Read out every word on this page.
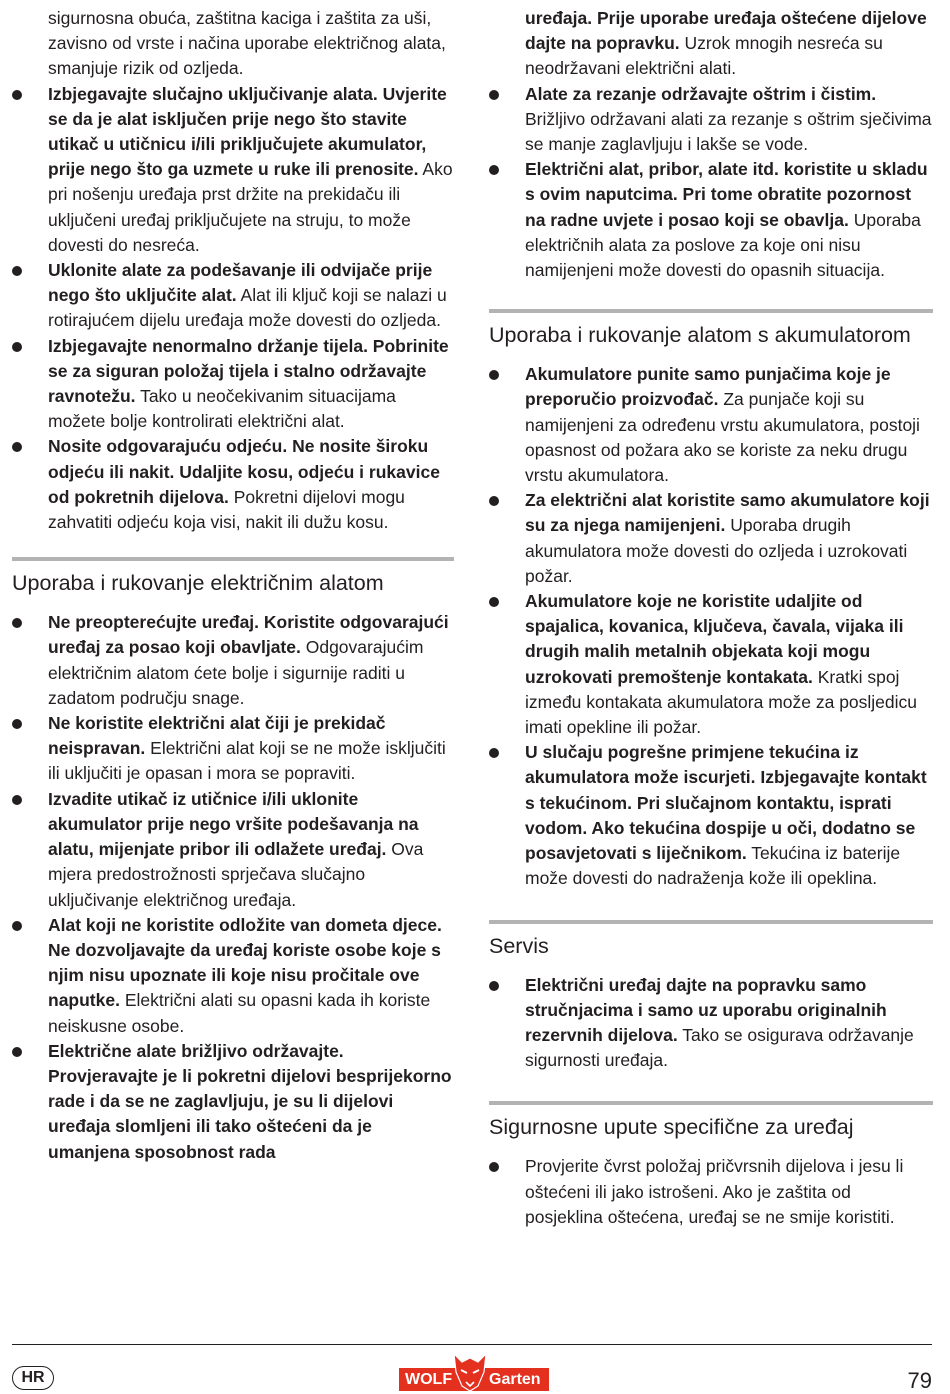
sigurnosna obuća, zaštitna kaciga i zaštita za uši, zavisno od vrste i načina uporabe električnog alata, smanjuje rizik od ozljeda.

Izbjegavajte slučajno uključivanje alata. Uvjerite se da je alat isključen prije nego što stavite utikač u utičnicu i/ili priključujete akumulator, prije nego što ga uzmete u ruke ili prenosite. Ako pri nošenju uređaja prst držite na prekidaču ili uključeni uređaj priključujete na struju, to može dovesti do nesreća.

Uklonite alate za podešavanje ili odvijače prije nego što uključite alat. Alat ili ključ koji se nalazi u rotirajućem dijelu uređaja može dovesti do ozljeda.

Izbjegavajte nenormalno držanje tijela. Pobrinite se za siguran položaj tijela i stalno održavajte ravnotežu. Tako u neočekivanim situacijama možete bolje kontrolirati električni alat.

Nosite odgovarajuću odjeću. Ne nosite široku odjeću ili nakit. Udaljite kosu, odjeću i rukavice od pokretnih dijelova. Pokretni dijelovi mogu zahvatiti odjeću koja visi, nakit ili dužu kosu.

Uporaba i rukovanje električnim alatom

Ne preopterećujte uređaj. Koristite odgovarajući uređaj za posao koji obavljate. Odgovarajućim električnim alatom ćete bolje i sigurnije raditi u zadatom području snage.

Ne koristite električni alat čiji je prekidač neispravan. Električni alat koji se ne može isključiti ili uključiti je opasan i mora se popraviti.

Izvadite utikač iz utičnice i/ili uklonite akumulator prije nego vršite podešavanja na alatu, mijenjate pribor ili odlažete uređaj. Ova mjera predostrožnosti sprječava slučajno uključivanje električnog uređaja.

Alat koji ne koristite odložite van dometa djece. Ne dozvoljavajte da uređaj koriste osobe koje s njim nisu upoznate ili koje nisu pročitale ove naputke. Električni alati su opasni kada ih koriste neiskusne osobe.

Električne alate brižljivo održavajte. Provjeravajte je li pokretni dijelovi besprijekorno rade i da se ne zaglavljuju, je su li dijelovi uređaja slomljeni ili tako oštećeni da je umanjena sposobnost rada

uređaja. Prije uporabe uređaja oštećene dijelove dajte na popravku. Uzrok mnogih nesreća su neodržavani električni alati.

Alate za rezanje održavajte oštrim i čistim. Brižljivo održavani alati za rezanje s oštrim sječivima se manje zaglavljuju i lakše se vode.

Električni alat, pribor, alate itd. koristite u skladu s ovim naputcima. Pri tome obratite pozornost na radne uvjete i posao koji se obavlja. Uporaba električnih alata za poslove za koje oni nisu namijenjeni može dovesti do opasnih situacija.

Uporaba i rukovanje alatom s akumulatorom

Akumulatore punite samo punjačima koje je preporučio proizvođač. Za punjače koji su namijenjeni za određenu vrstu akumulatora, postoji opasnost od požara ako se koriste za neku drugu vrstu akumulatora.

Za električni alat koristite samo akumulatore koji su za njega namijenjeni. Uporaba drugih akumulatora može dovesti do ozljeda i uzrokovati požar.

Akumulatore koje ne koristite udaljite od spajalica, kovanica, ključeva, čavala, vijaka ili drugih malih metalnih objekata koji mogu uzrokovati premoštenje kontakata. Kratki spoj između kontakata akumulatora može za posljedicu imati opekline ili požar.

U slučaju pogrešne primjene tekućina iz akumulatora može iscurjeti. Izbjegavajte kontakt s tekućinom. Pri slučajnom kontaktu, isprati vodom. Ako tekućina dospije u oči, dodatno se posavjetovati s liječnikom. Tekućina iz baterije može dovesti do nadraženja kože ili opeklina.

Servis

Električni uređaj dajte na popravku samo stručnjacima i samo uz uporabu originalnih rezervnih dijelova. Tako se osigurava održavanje sigurnosti uređaja.

Sigurnosne upute specifične za uređaj

Provjerite čvrst položaj pričvrsnih dijelova i jesu li oštećeni ili jako istrošeni. Ako je zaštita od posjeklina oštećena, uređaj se ne smije koristiti.

HR	WOLF Garten	79
